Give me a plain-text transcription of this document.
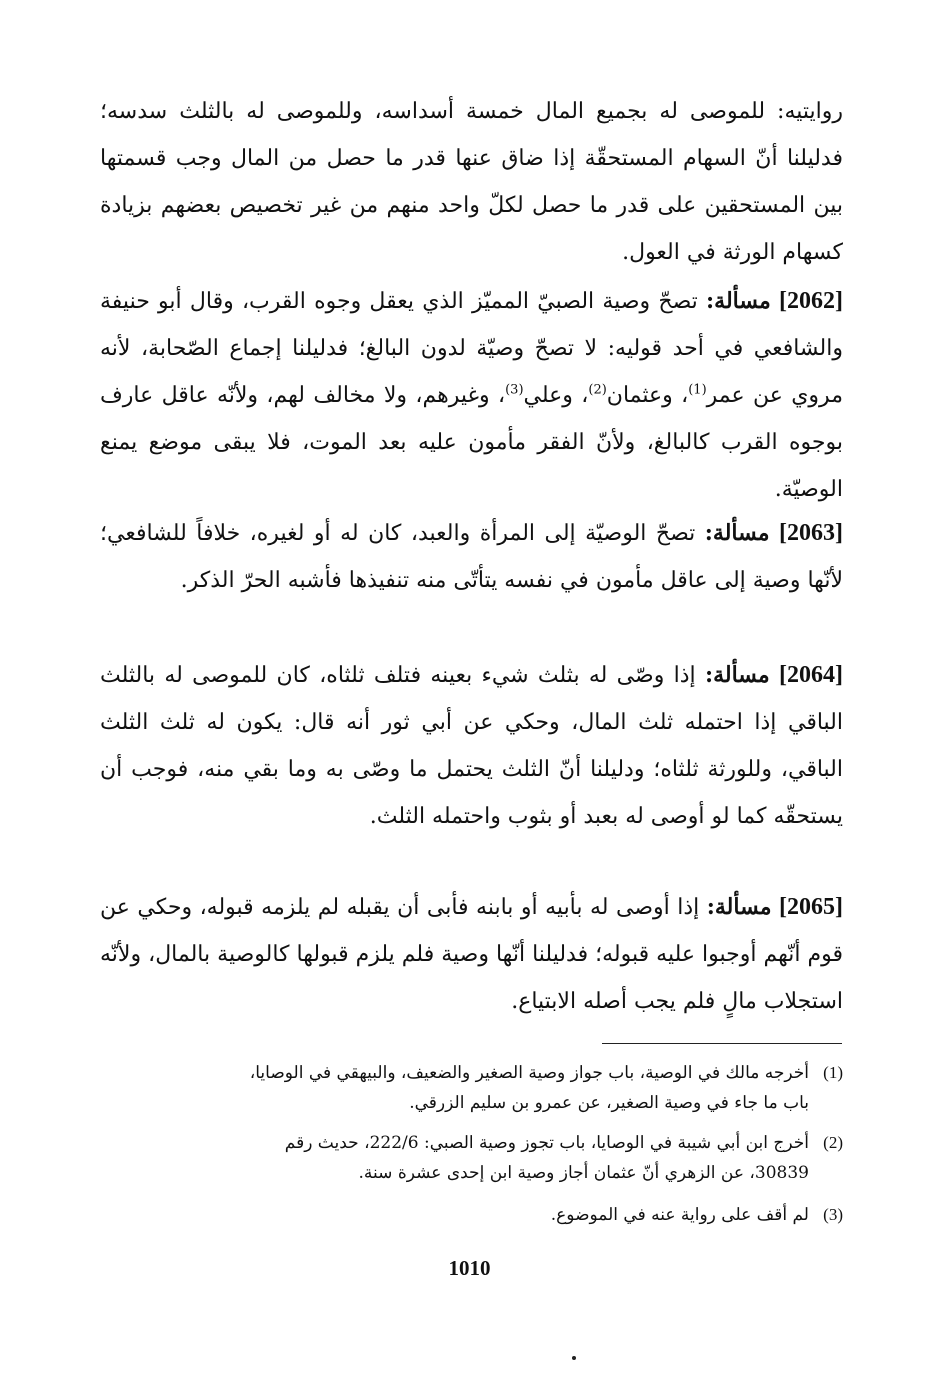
روايتيه: للموصى له بجميع المال خمسة أسداسه، وللموصى له بالثلث سدسه؛ فدليلنا أنّ السهام المستحقّة إذا ضاق عنها قدر ما حصل من المال وجب قسمتها بين المستحقين على قدر ما حصل لكلّ واحد منهم من غير تخصيص بعضهم بزيادة كسهام الورثة في العول.

[2062] مسألة: تصحّ وصية الصبيّ المميّز الذي يعقل وجوه القرب، وقال أبو حنيفة والشافعي في أحد قوليه: لا تصحّ وصيّة لدون البالغ؛ فدليلنا إجماع الصّحابة، لأنه مروي عن عمر$^{(1)}$، وعثمان$^{(2)}$، وعلي$^{(3)}$، وغيرهم، ولا مخالف لهم، ولأنّه عاقل عارف بوجوه القرب كالبالغ، ولأنّ الفقر مأمون عليه بعد الموت، فلا يبقى موضع يمنع الوصيّة.

[2063] مسألة: تصحّ الوصيّة إلى المرأة والعبد، كان له أو لغيره، خلافاً للشافعي؛ لأنّها وصية إلى عاقل مأمون في نفسه يتأتّى منه تنفيذها فأشبه الحرّ الذكر.

[2064] مسألة: إذا وصّى له بثلث شيء بعينه فتلف ثلثاه، كان للموصى له بالثلث الباقي إذا احتمله ثلث المال، وحكي عن أبي ثور أنه قال: يكون له ثلث الثلث الباقي، وللورثة ثلثاه؛ ودليلنا أنّ الثلث يحتمل ما وصّى به وما بقي منه، فوجب أن يستحقّه كما لو أوصى له بعبد أو بثوب واحتمله الثلث.

[2065] مسألة: إذا أوصى له بأبيه أو بابنه فأبى أن يقبله لم يلزمه قبوله، وحكي عن قوم أنّهم أوجبوا عليه قبوله؛ فدليلنا أنّها وصية فلم يلزم قبولها كالوصية بالمال، ولأنّه استجلاب مالٍ فلم يجب أصله الابتياع.

(1)أخرجه مالك في الوصية، باب جواز وصية الصغير والضعيف، والبيهقي في الوصايا،
باب ما جاء في وصية الصغير، عن عمرو بن سليم الزرقي.
(2)أخرج ابن أبي شيبة في الوصايا، باب تجوز وصية الصبي: 222/6، حديث رقم
30839، عن الزهري أنّ عثمان أجاز وصية ابن إحدى عشرة سنة.
(3)لم أقف على رواية عنه في الموضوع.
1010
